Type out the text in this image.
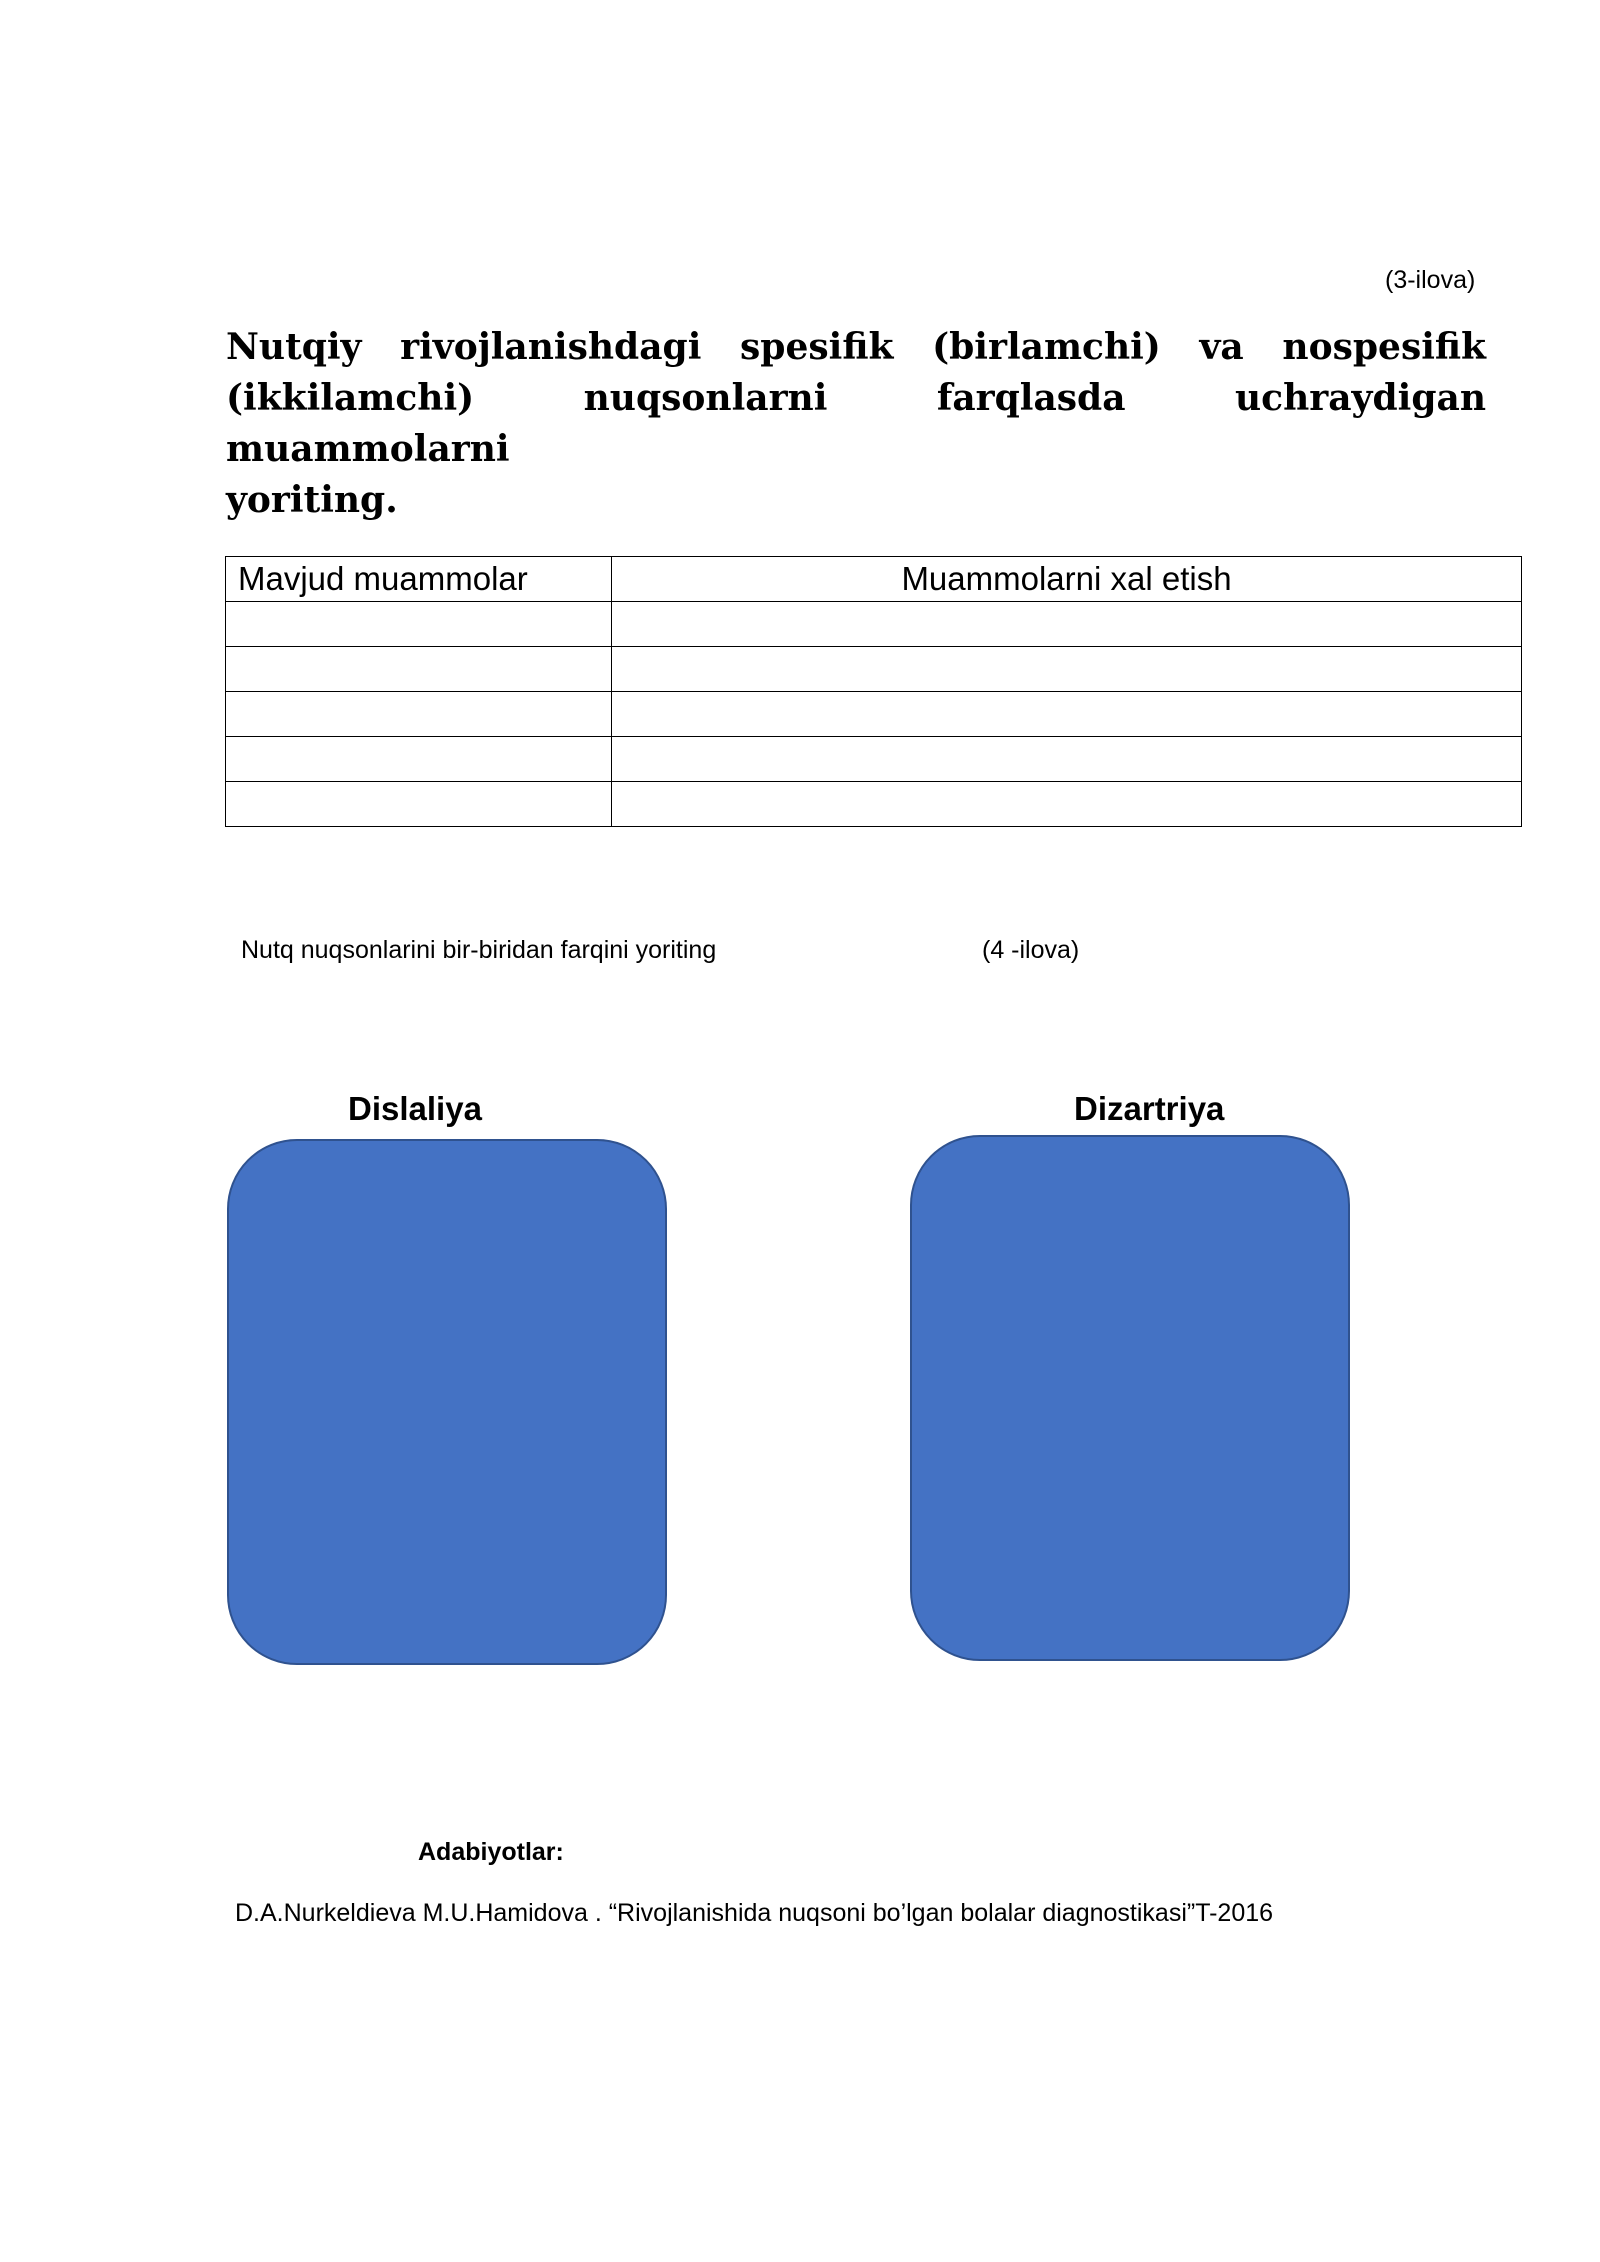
(3-ilova)
Nutqiy rivojlanishdagi spesifik (birlamchi) va nospesifik
(ikkilamchi) nuqsonlarni farqlasda uchraydigan muammolarni
yoriting.
Mavjud muammolar	Muammolarni xal etish

Nutq nuqsonlarini bir-biridan farqini yoriting	(4 -ilova)
Dislaliya	Dizartriya
Adabiyotlar:
D.A.Nurkeldieva M.U.Hamidova . “Rivojlanishida nuqsoni bo’lgan bolalar diagnostikasi”T-2016
